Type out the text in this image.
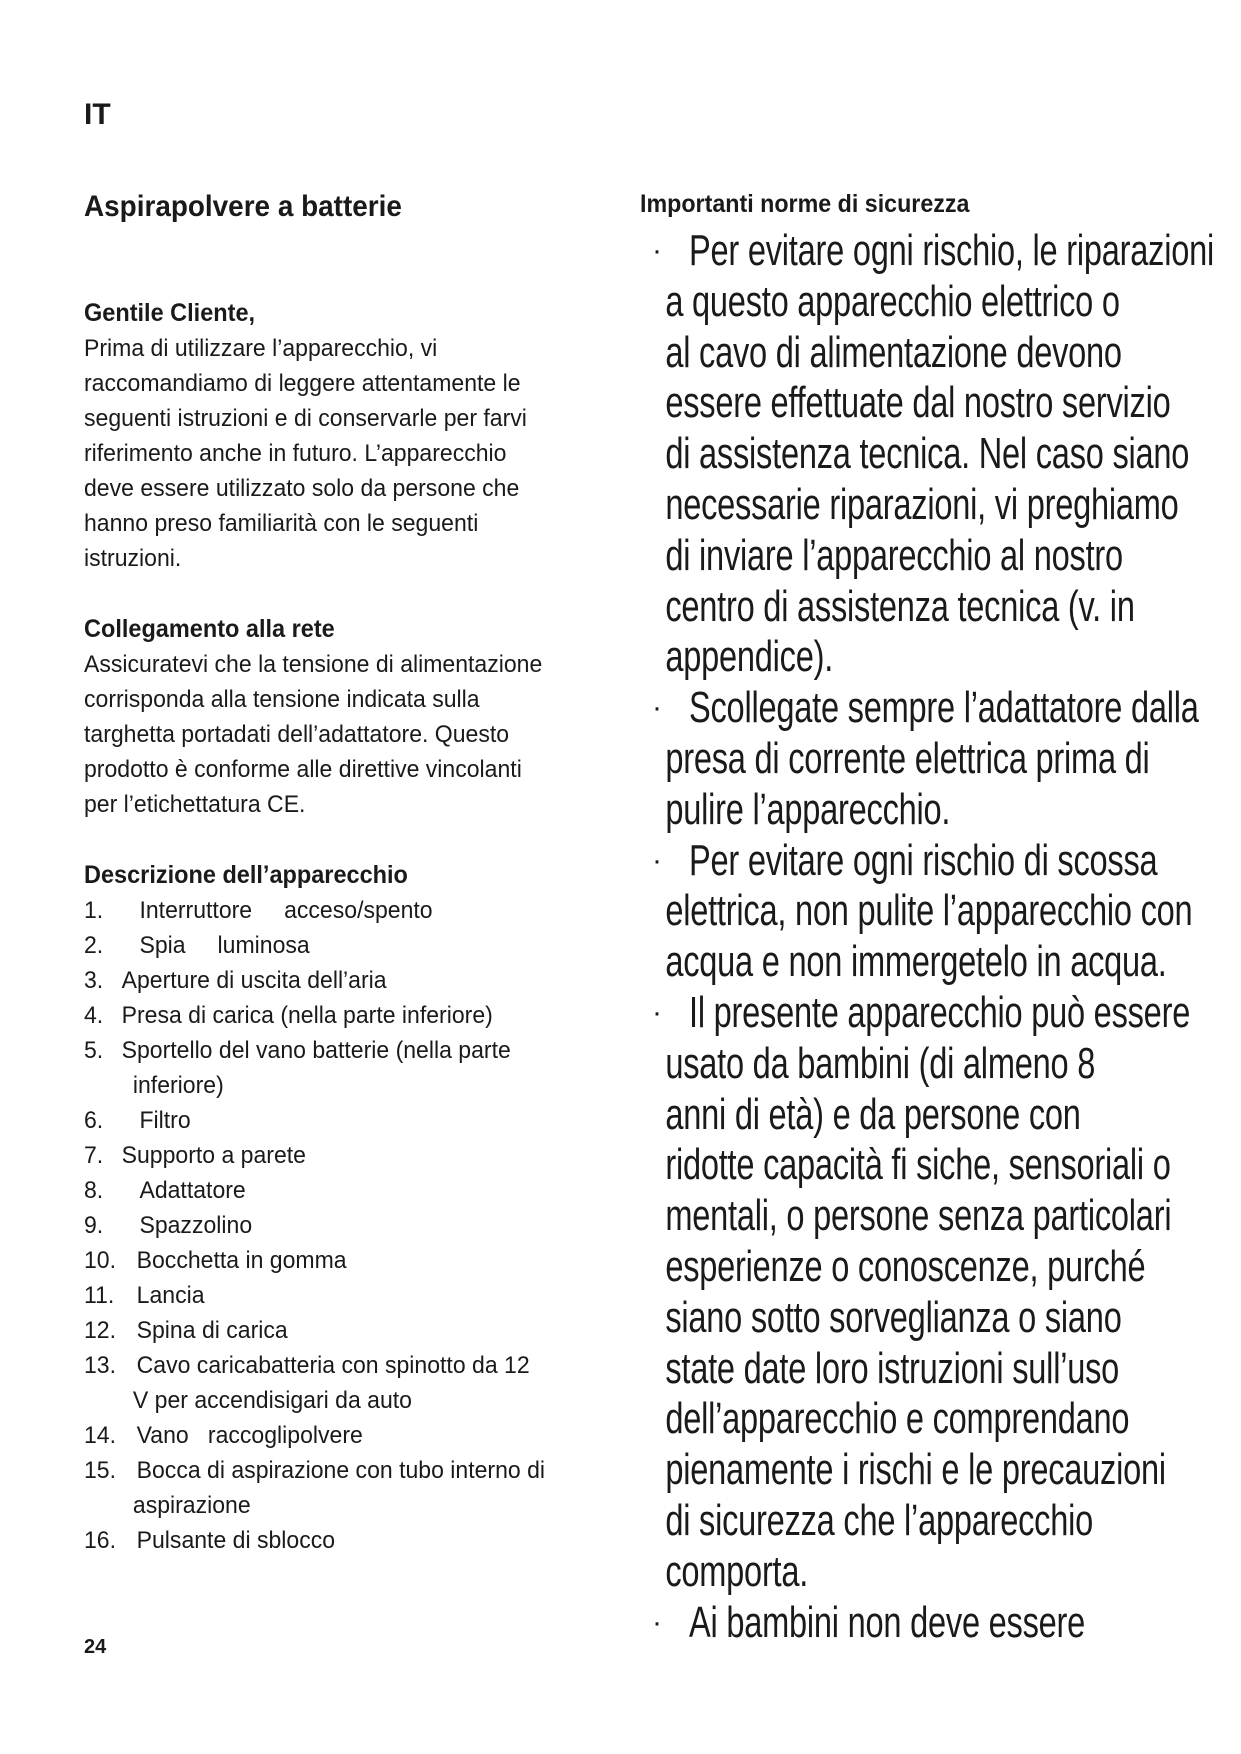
IT
Aspirapolvere a batterie
Gentile Cliente,
Prima di utilizzare l’apparecchio, vi
raccomandiamo di leggere attentamente le
seguenti istruzioni e di conservarle per farvi
riferimento anche in futuro. L’apparecchio
deve essere utilizzato solo da persone che
hanno preso familiarità con le seguenti
istruzioni.
Collegamento alla rete
Assicuratevi che la tensione di alimentazione
corrisponda alla tensione indicata sulla
targhetta portadati dell’adattatore. Questo
prodotto è conforme alle direttive vincolanti
per l’etichettatura CE.
Descrizione dell’apparecchio
1.	Interruttore     acceso/spento
2.	Spia     luminosa
3. Aperture di uscita dell’aria
4. Presa di carica (nella parte inferiore)
5. Sportello del vano batterie (nella parte
inferiore)
6.	Filtro
7. Supporto a parete
8.	Adattatore
9.	Spazzolino
10. Bocchetta in gomma
11. Lancia
12. Spina di carica
13. Cavo caricabatteria con spinotto da 12
V per accendisigari da auto
14. Vano   raccoglipolvere
15. Bocca di aspirazione con tubo interno di
aspirazione
16. Pulsante di sblocco
24
Importanti norme di sicurezza
· Per evitare ogni rischio, le riparazioni
a questo apparecchio elettrico o
al cavo di alimentazione devono
essere effettuate dal nostro servizio
di assistenza tecnica. Nel caso siano
necessarie riparazioni, vi preghiamo
di inviare l’apparecchio al nostro
centro di assistenza tecnica (v. in
appendice).
· Scollegate sempre l’adattatore dalla
presa di corrente elettrica prima di
pulire l’apparecchio.
· Per evitare ogni rischio di scossa
elettrica, non pulite l’apparecchio con
acqua e non immergetelo in acqua.
· Il presente apparecchio può essere
usato da bambini (di almeno 8
anni di età) e da persone con
ridotte capacità fi siche, sensoriali o
mentali, o persone senza particolari
esperienze o conoscenze, purché
siano sotto sorveglianza o siano
state date loro istruzioni sull’uso
dell’apparecchio e comprendano
pienamente i rischi e le precauzioni
di sicurezza che l’apparecchio
comporta.
· Ai bambini non deve essere
